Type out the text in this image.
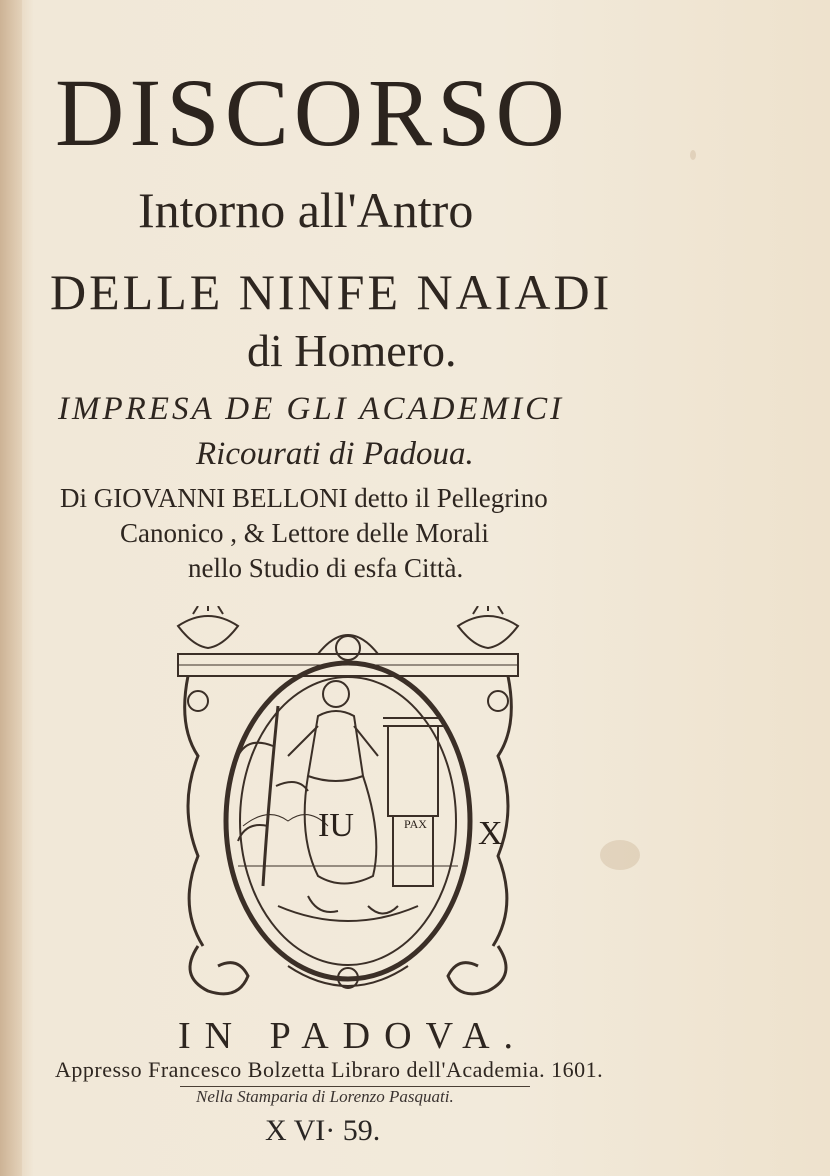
DISCORSO
Intorno all'Antro
DELLE NINFE NAIADI
di Homero.
IMPRESA DE GLI ACADEMICI
Ricourati di Padoua.
Di GIOVANNI BELLONI detto il Pellegrino
Canonico , & Lettore delle Morali
nello Studio di esfa Città.
IU	PAX X
IN PADOVA.
Appresso Francesco Bolzetta Libraro dell'Academia. 1601.
Nella Stamparia di Lorenzo Pasquati.
X VI· 59.
